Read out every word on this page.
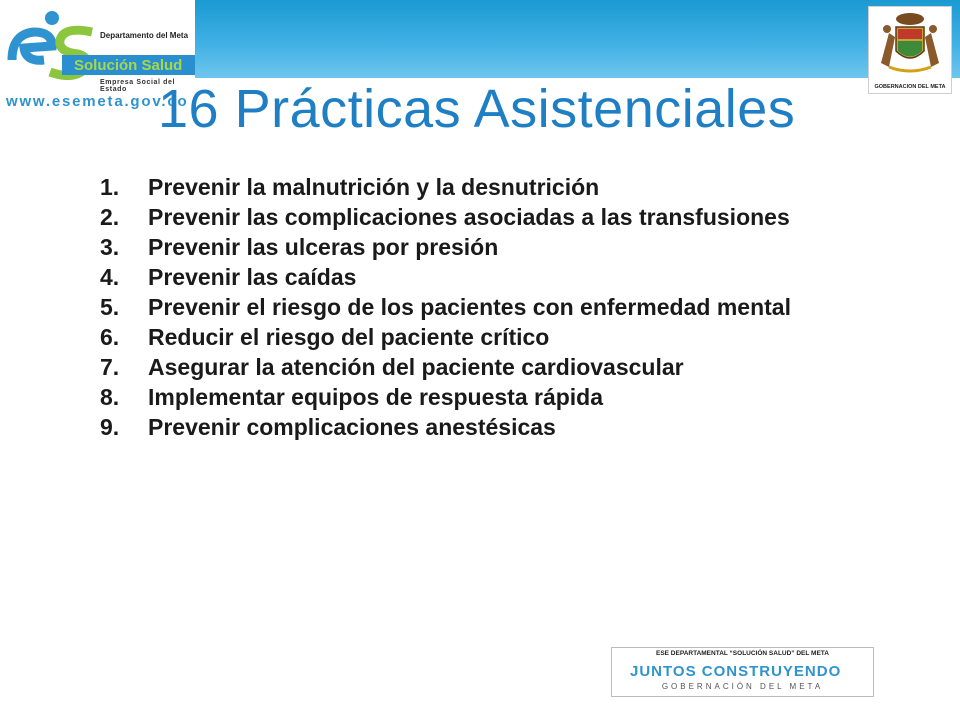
Departamento del Meta
Solución Salud
Empresa Social del Estado
www.esemeta.gov.co
GOBERNACION DEL META
16 Prácticas Asistenciales
1. Prevenir la malnutrición y la desnutrición
2. Prevenir las complicaciones asociadas a las transfusiones
3. Prevenir las ulceras por presión
4. Prevenir las caídas
5. Prevenir el riesgo de los pacientes con enfermedad mental
6. Reducir el riesgo del paciente crítico
7. Asegurar la atención del paciente cardiovascular
8. Implementar equipos de respuesta rápida
9. Prevenir complicaciones anestésicas
ESE DEPARTAMENTAL “SOLUCIÓN SALUD” DEL META
JUNTOS CONSTRUYENDO
GOBERNACIÓN DEL META
